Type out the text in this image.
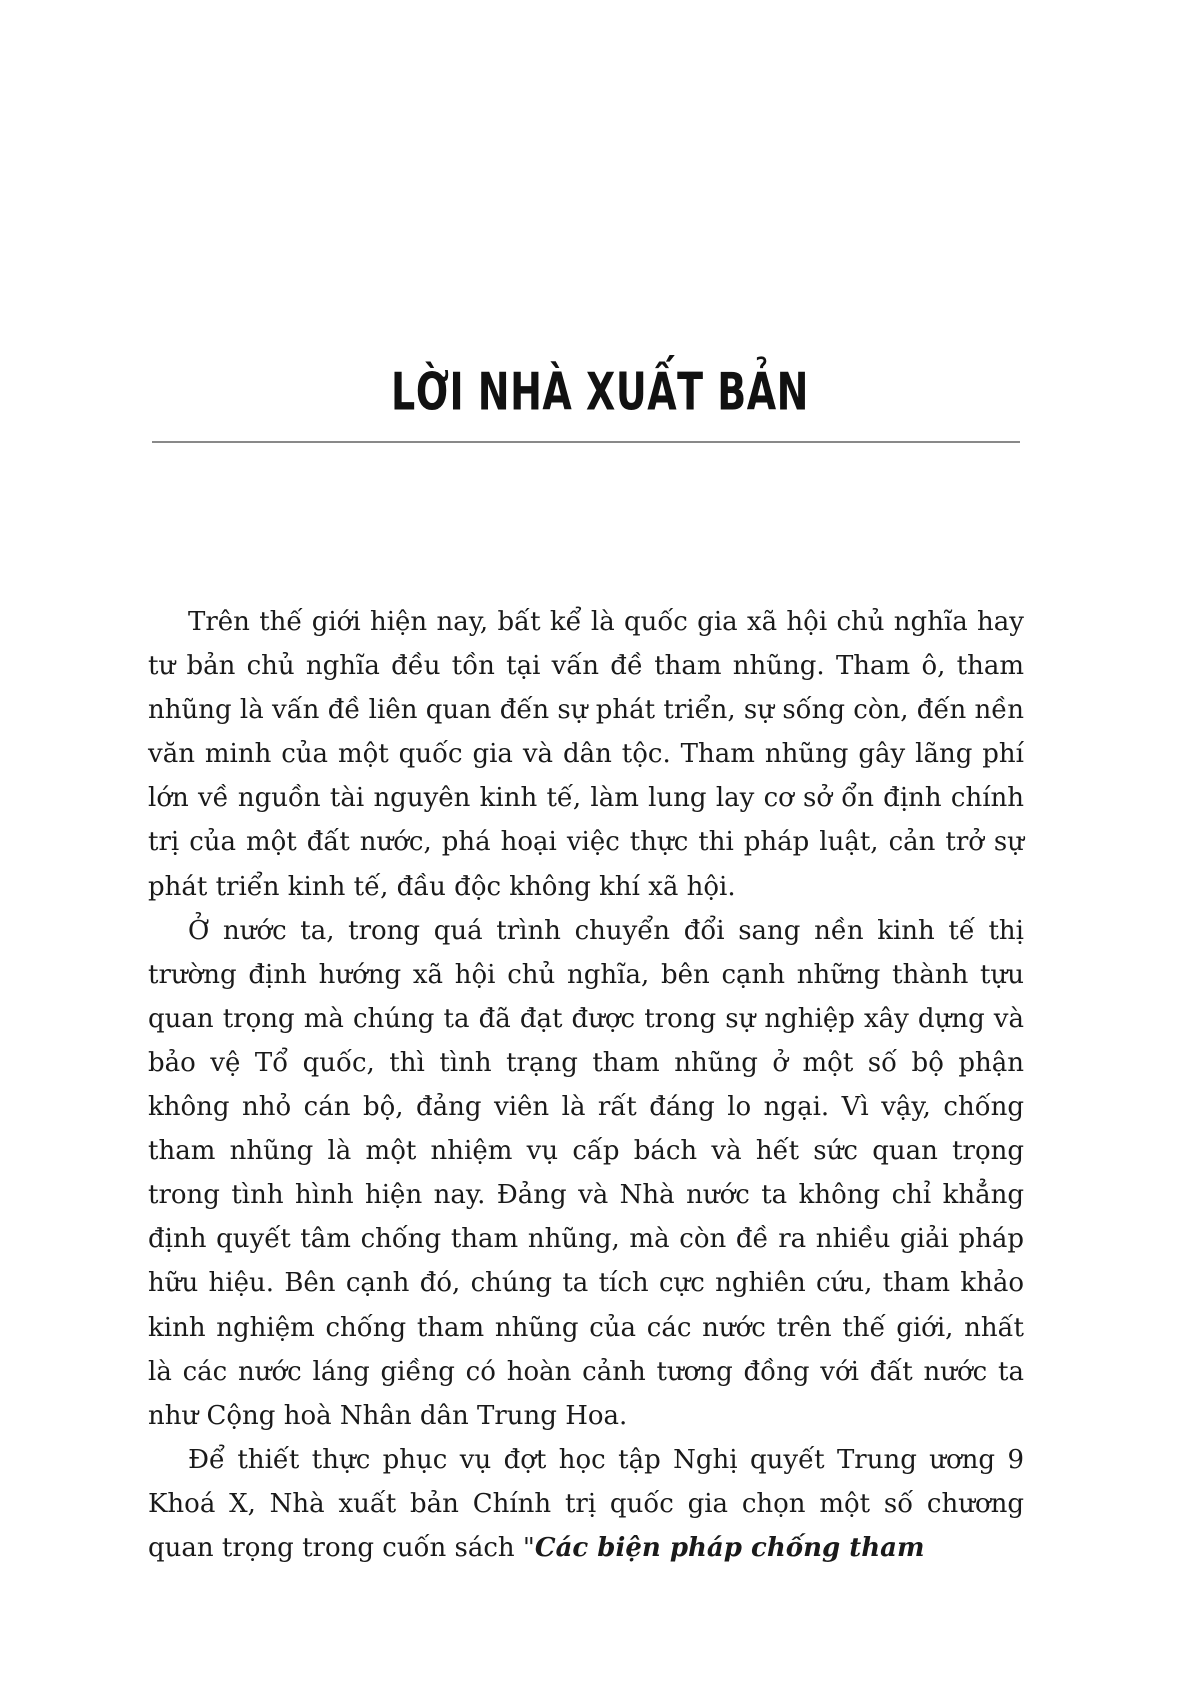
LỜI NHÀ XUẤT BẢN

Trên thế giới hiện nay, bất kể là quốc gia xã hội chủ nghĩa hay tư bản chủ nghĩa đều tồn tại vấn đề tham nhũng. Tham ô, tham nhũng là vấn đề liên quan đến sự phát triển, sự sống còn, đến nền văn minh của một quốc gia và dân tộc. Tham nhũng gây lãng phí lớn về nguồn tài nguyên kinh tế, làm lung lay cơ sở ổn định chính trị của một đất nước, phá hoại việc thực thi pháp luật, cản trở sự phát triển kinh tế, đầu độc không khí xã hội.

Ở nước ta, trong quá trình chuyển đổi sang nền kinh tế thị trường định hướng xã hội chủ nghĩa, bên cạnh những thành tựu quan trọng mà chúng ta đã đạt được trong sự nghiệp xây dựng và bảo vệ Tổ quốc, thì tình trạng tham nhũng ở một số bộ phận không nhỏ cán bộ, đảng viên là rất đáng lo ngại. Vì vậy, chống tham nhũng là một nhiệm vụ cấp bách và hết sức quan trọng trong tình hình hiện nay. Đảng và Nhà nước ta không chỉ khẳng định quyết tâm chống tham nhũng, mà còn đề ra nhiều giải pháp hữu hiệu. Bên cạnh đó, chúng ta tích cực nghiên cứu, tham khảo kinh nghiệm chống tham nhũng của các nước trên thế giới, nhất là các nước láng giềng có hoàn cảnh tương đồng với đất nước ta như Cộng hoà Nhân dân Trung Hoa.

Để thiết thực phục vụ đợt học tập Nghị quyết Trung ương 9 Khoá X, Nhà xuất bản Chính trị quốc gia chọn một số chương quan trọng trong cuốn sách "Các biện pháp chống tham
